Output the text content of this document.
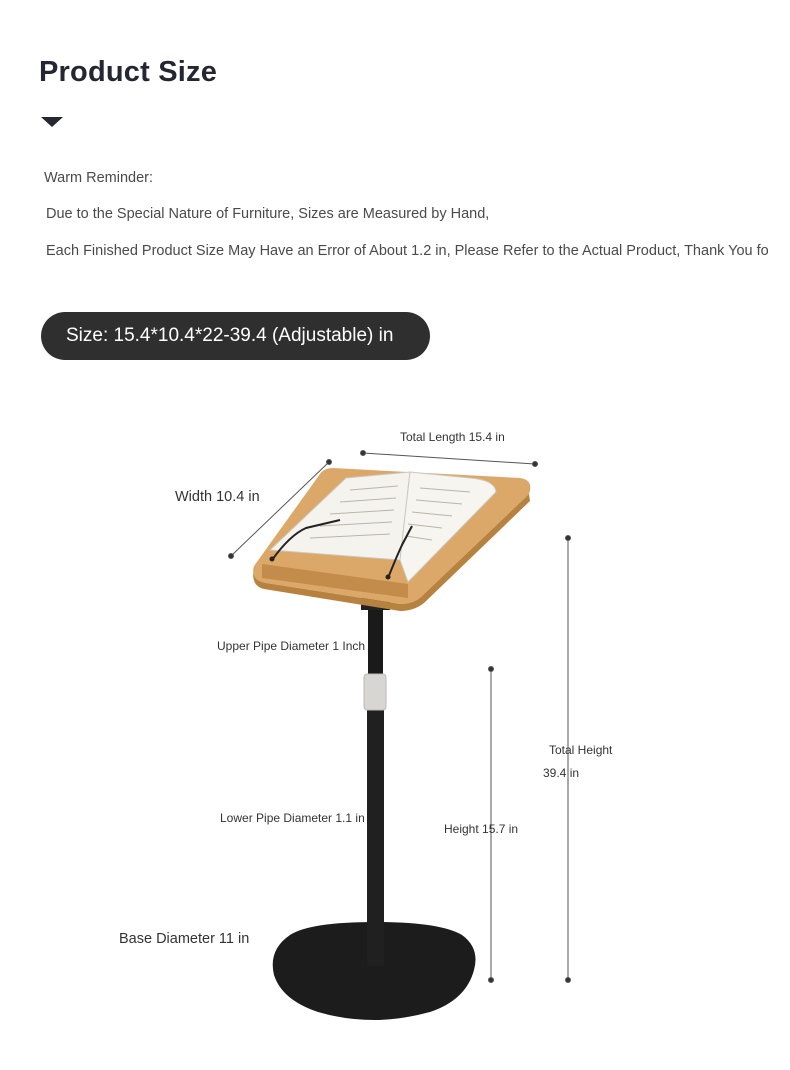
Product Size
Warm Reminder:
Due to the Special Nature of Furniture, Sizes are Measured by Hand,
Each Finished Product Size May Have an Error of About 1.2 in, Please Refer to the Actual Product, Thank You fo
Size: 15.4*10.4*22-39.4 (Adjustable) in
Total Length 15.4 in
Width 10.4 in
Upper Pipe Diameter 1 Inch
Total Height
39.4 in
Lower Pipe Diameter 1.1 in
Height 15.7 in
Base Diameter 11 in
